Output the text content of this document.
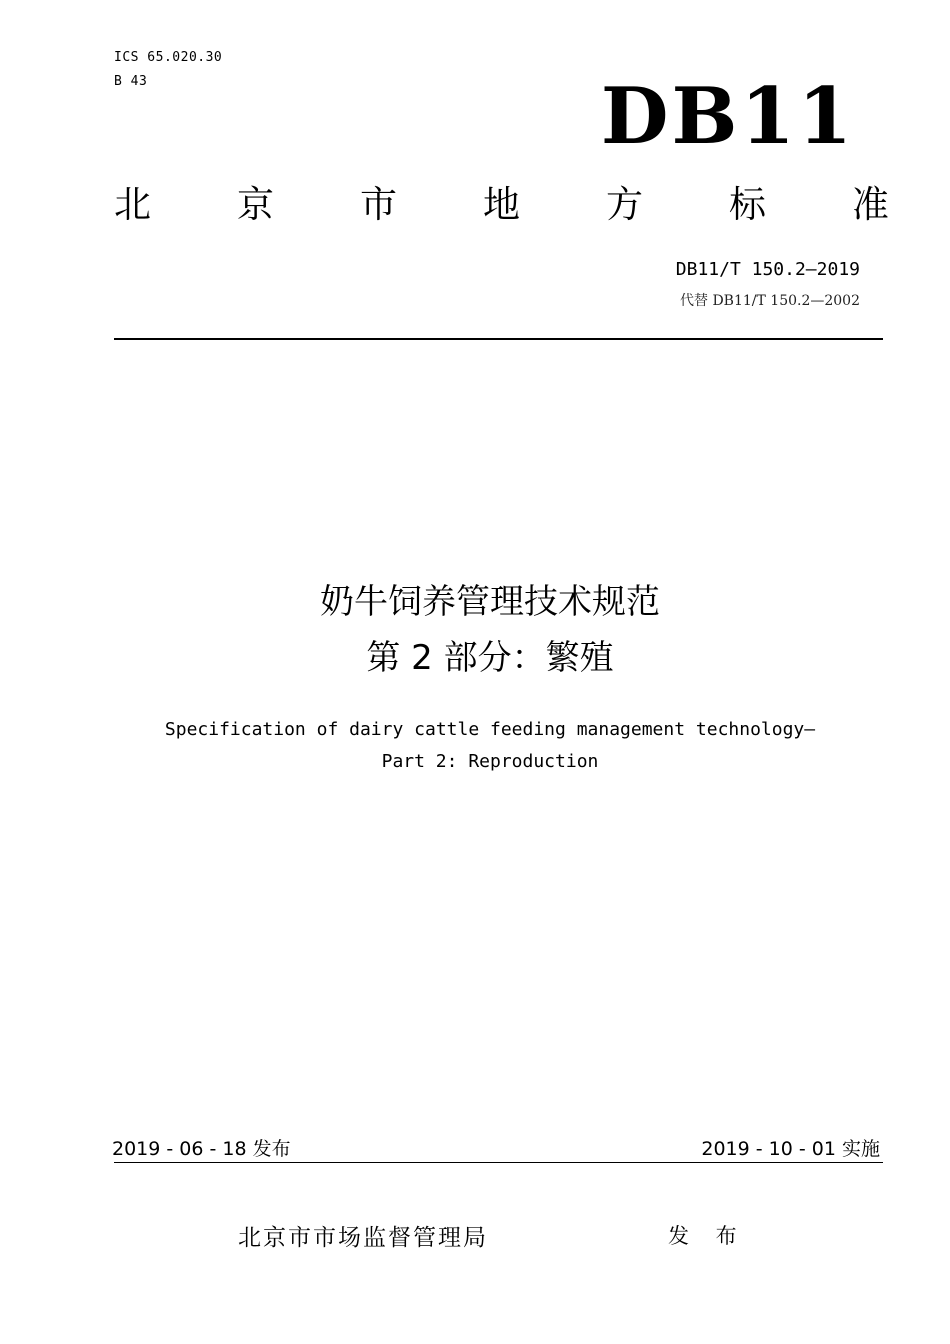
ICS 65.020.30
B 43	DB11
北 京 市 地 方 标 准
DB11/T 150.2—2019
代替 DB11/T 150.2—2002
奶牛饲养管理技术规范
第 2 部分：繁殖
Specification of dairy cattle feeding management technology—
Part 2: Reproduction
2019 - 06 - 18 发布	2019 - 10 - 01 实施
北京市市场监督管理局	发 布
